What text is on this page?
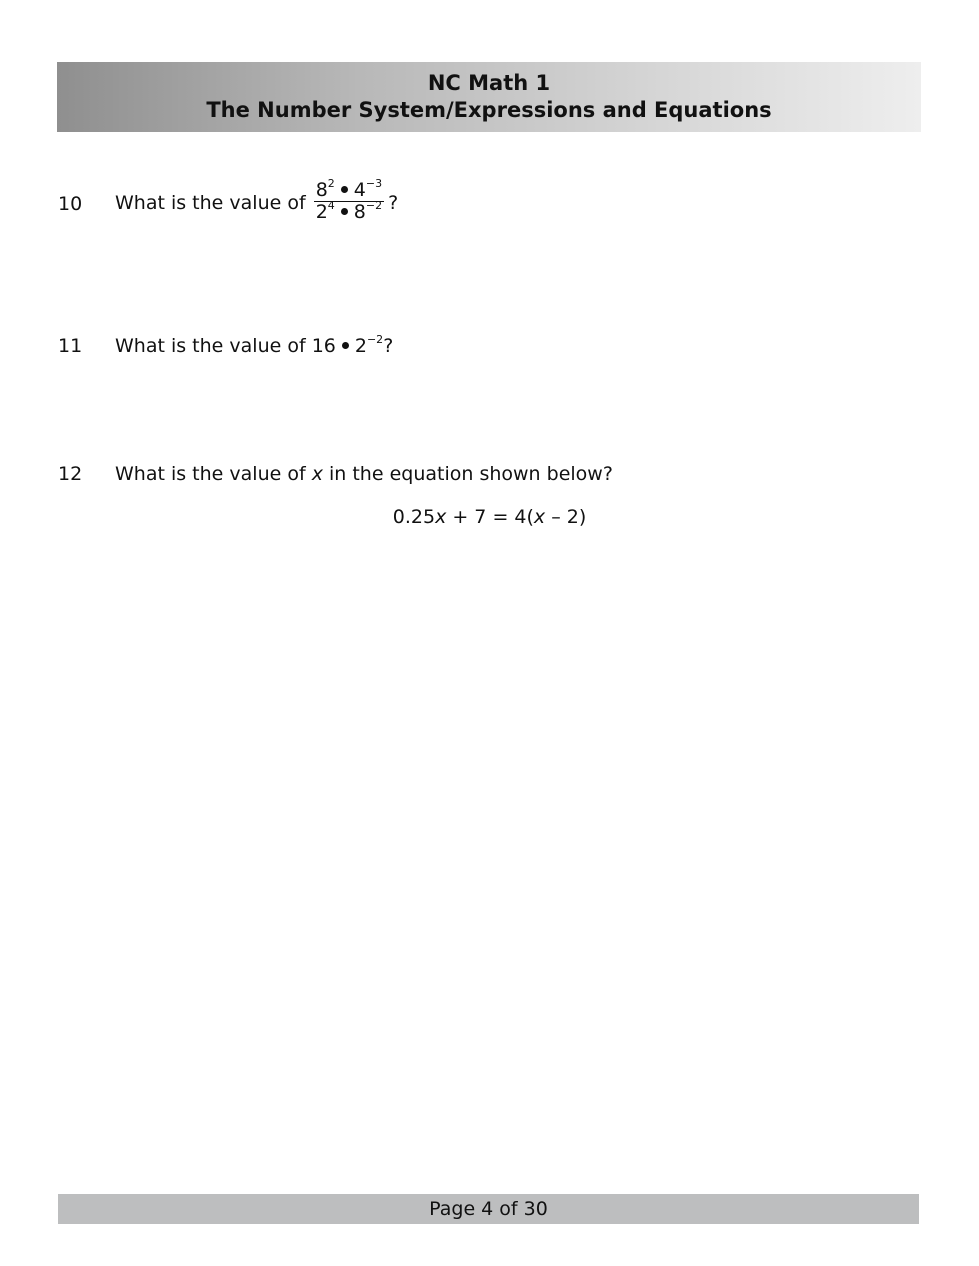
NC Math 1
The Number System/Expressions and Equations
10 What is the value of $\frac{8^2 4^{-3}}{2^4 8^{-2}}$ ?
11 What is the value of 16 $2^{-2}$?
12 What is the value of x in the equation shown below?
0.25x + 7 = 4(x – 2)
Page 4 of 30
